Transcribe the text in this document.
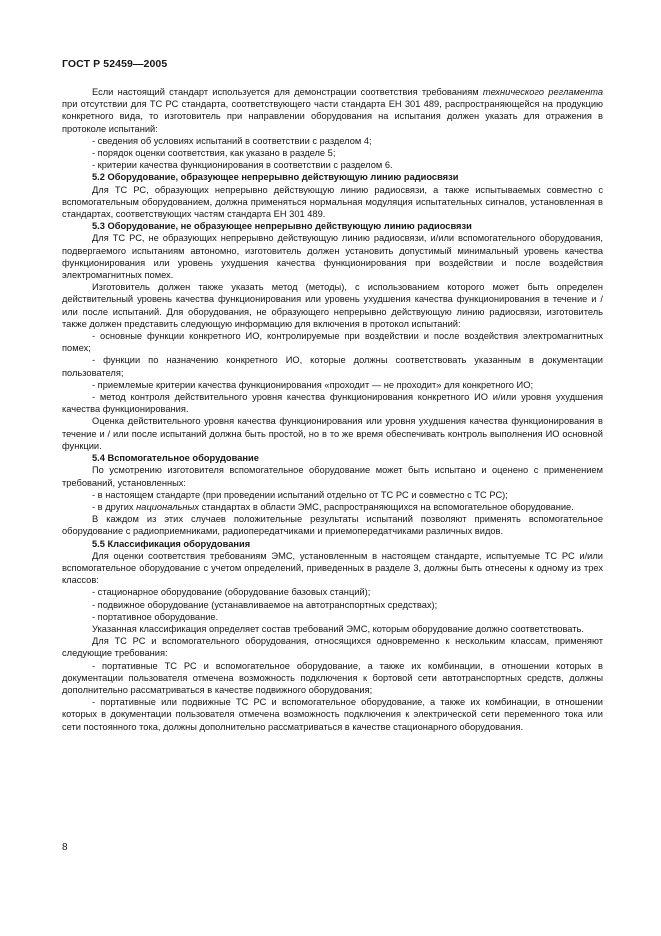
ГОСТ Р 52459—2005

Если настоящий стандарт используется для демонстрации соответствия требованиям технического регламента при отсутствии для ТС РС стандарта, соответствующего части стандарта ЕН 301 489, распространяющейся на продукцию конкретного вида, то изготовитель при направлении оборудования на испытания должен указать для отражения в протоколе испытаний:

- сведения об условиях испытаний в соответствии с разделом 4;

- порядок оценки соответствия, как указано в разделе 5;

- критерии качества функционирования в соответствии с разделом 6.

5.2 Оборудование, образующее непрерывно действующую линию радиосвязи

Для ТС РС, образующих непрерывно действующую линию радиосвязи, а также испытываемых совместно с вспомогательным оборудованием, должна применяться нормальная модуляция испытательных сигналов, установленная в стандартах, соответствующих частям стандарта ЕН 301 489.

5.3 Оборудование, не образующее непрерывно действующую линию радиосвязи

Для ТС РС, не образующих непрерывно действующую линию радиосвязи, и/или вспомогательного оборудования, подвергаемого испытаниям автономно, изготовитель должен установить допустимый минимальный уровень качества функционирования или уровень ухудшения качества функционирования при воздействии и после воздействия электромагнитных помех.

Изготовитель должен также указать метод (методы), с использованием которого может быть определен действительный уровень качества функционирования или уровень ухудшения качества функционирования в течение и / или после испытаний. Для оборудования, не образующего непрерывно действующую линию радиосвязи, изготовитель также должен представить следующую информацию для включения в протокол испытаний:

- основные функции конкретного ИО, контролируемые при воздействии и после воздействия электромагнитных помех;

- функции по назначению конкретного ИО, которые должны соответствовать указанным в документации пользователя;

- приемлемые критерии качества функционирования «проходит — не проходит» для конкретного ИО;

- метод контроля действительного уровня качества функционирования конкретного ИО и/или уровня ухудшения качества функционирования.

Оценка действительного уровня качества функционирования или уровня ухудшения качества функционирования в течение и / или после испытаний должна быть простой, но в то же время обеспечивать контроль выполнения ИО основной функции.

5.4 Вспомогательное оборудование

По усмотрению изготовителя вспомогательное оборудование может быть испытано и оценено с применением требований, установленных:

- в настоящем стандарте (при проведении испытаний отдельно от ТС РС и совместно с ТС РС);

- в других национальных стандартах в области ЭМС, распространяющихся на вспомогательное оборудование.

В каждом из этих случаев положительные результаты испытаний позволяют применять вспомогательное оборудование с радиоприемниками, радиопередатчиками и приемопередатчиками различных видов.

5.5 Классификация оборудования

Для оценки соответствия требованиям ЭМС, установленным в настоящем стандарте, испытуемые ТС РС и/или вспомогательное оборудование с учетом определений, приведенных в разделе 3, должны быть отнесены к одному из трех классов:

- стационарное оборудование (оборудование базовых станций);

- подвижное оборудование (устанавливаемое на автотранспортных средствах);

- портативное оборудование.

Указанная классификация определяет состав требований ЭМС, которым оборудование должно соответствовать.

Для ТС РС и вспомогательного оборудования, относящихся одновременно к нескольким классам, применяют следующие требования:

- портативные ТС РС и вспомогательное оборудование, а также их комбинации, в отношении которых в документации пользователя отмечена возможность подключения к бортовой сети автотранспортных средств, должны дополнительно рассматриваться в качестве подвижного оборудования;

- портативные или подвижные ТС РС и вспомогательное оборудование, а также их комбинации, в отношении которых в документации пользователя отмечена возможность подключения к электрической сети переменного тока или сети постоянного тока, должны дополнительно рассматриваться в качестве стационарного оборудования.

8
